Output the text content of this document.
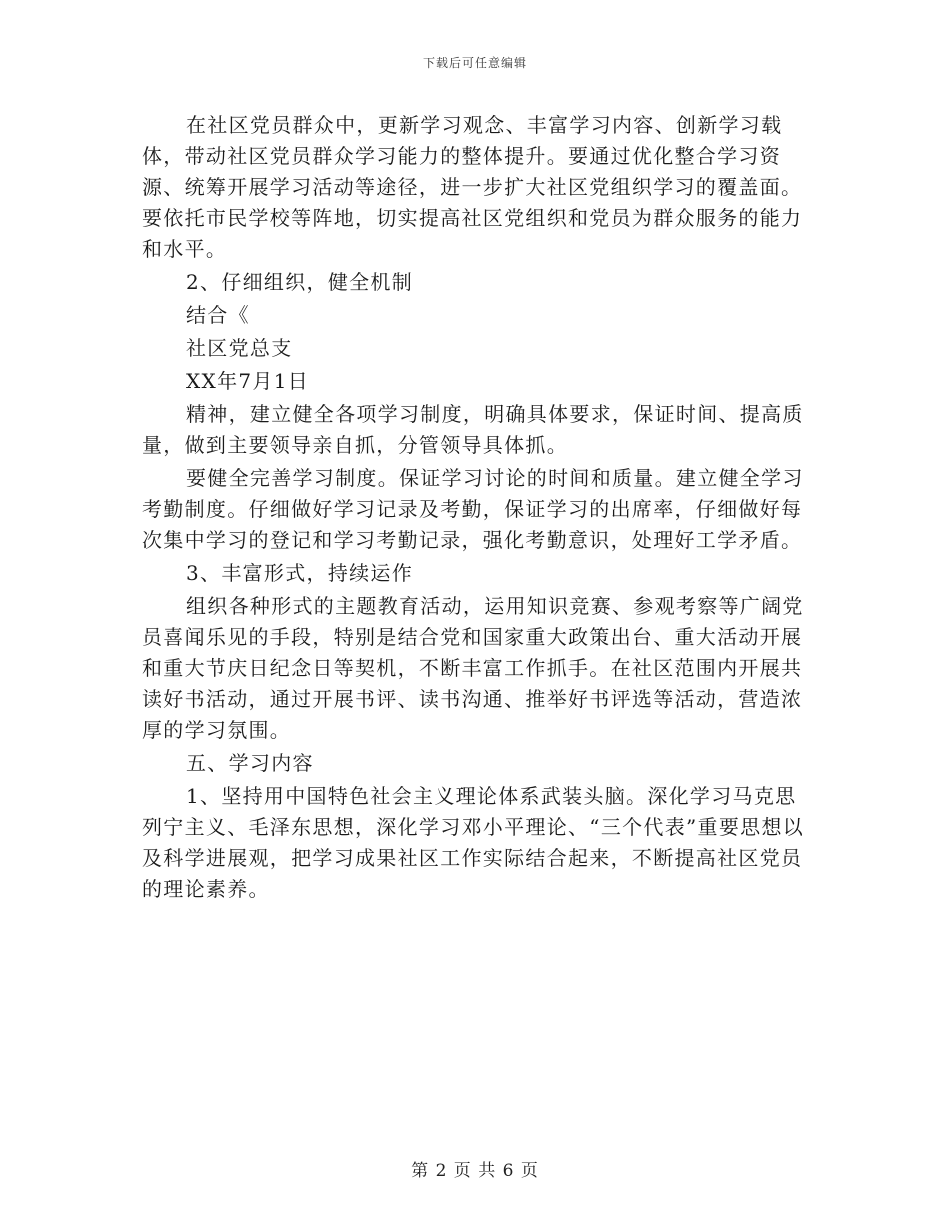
下载后可任意编辑

在社区党员群众中，更新学习观念、丰富学习内容、创新学习载体，带动社区党员群众学习能力的整体提升。要通过优化整合学习资源、统筹开展学习活动等途径，进一步扩大社区党组织学习的覆盖面。要依托市民学校等阵地，切实提高社区党组织和党员为群众服务的能力和水平。

2、仔细组织，健全机制

结合《

社区党总支

XX年7月1日

精神，建立健全各项学习制度，明确具体要求，保证时间、提高质量，做到主要领导亲自抓，分管领导具体抓。

要健全完善学习制度。保证学习讨论的时间和质量。建立健全学习考勤制度。仔细做好学习记录及考勤，保证学习的出席率，仔细做好每次集中学习的登记和学习考勤记录，强化考勤意识，处理好工学矛盾。

3、丰富形式，持续运作

组织各种形式的主题教育活动，运用知识竞赛、参观考察等广阔党员喜闻乐见的手段，特别是结合党和国家重大政策出台、重大活动开展和重大节庆日纪念日等契机，不断丰富工作抓手。在社区范围内开展共读好书活动，通过开展书评、读书沟通、推举好书评选等活动，营造浓厚的学习氛围。

五、学习内容

1、坚持用中国特色社会主义理论体系武装头脑。深化学习马克思列宁主义、毛泽东思想，深化学习邓小平理论、“三个代表”重要思想以及科学进展观，把学习成果社区工作实际结合起来，不断提高社区党员的理论素养。

第 2 页 共 6 页
